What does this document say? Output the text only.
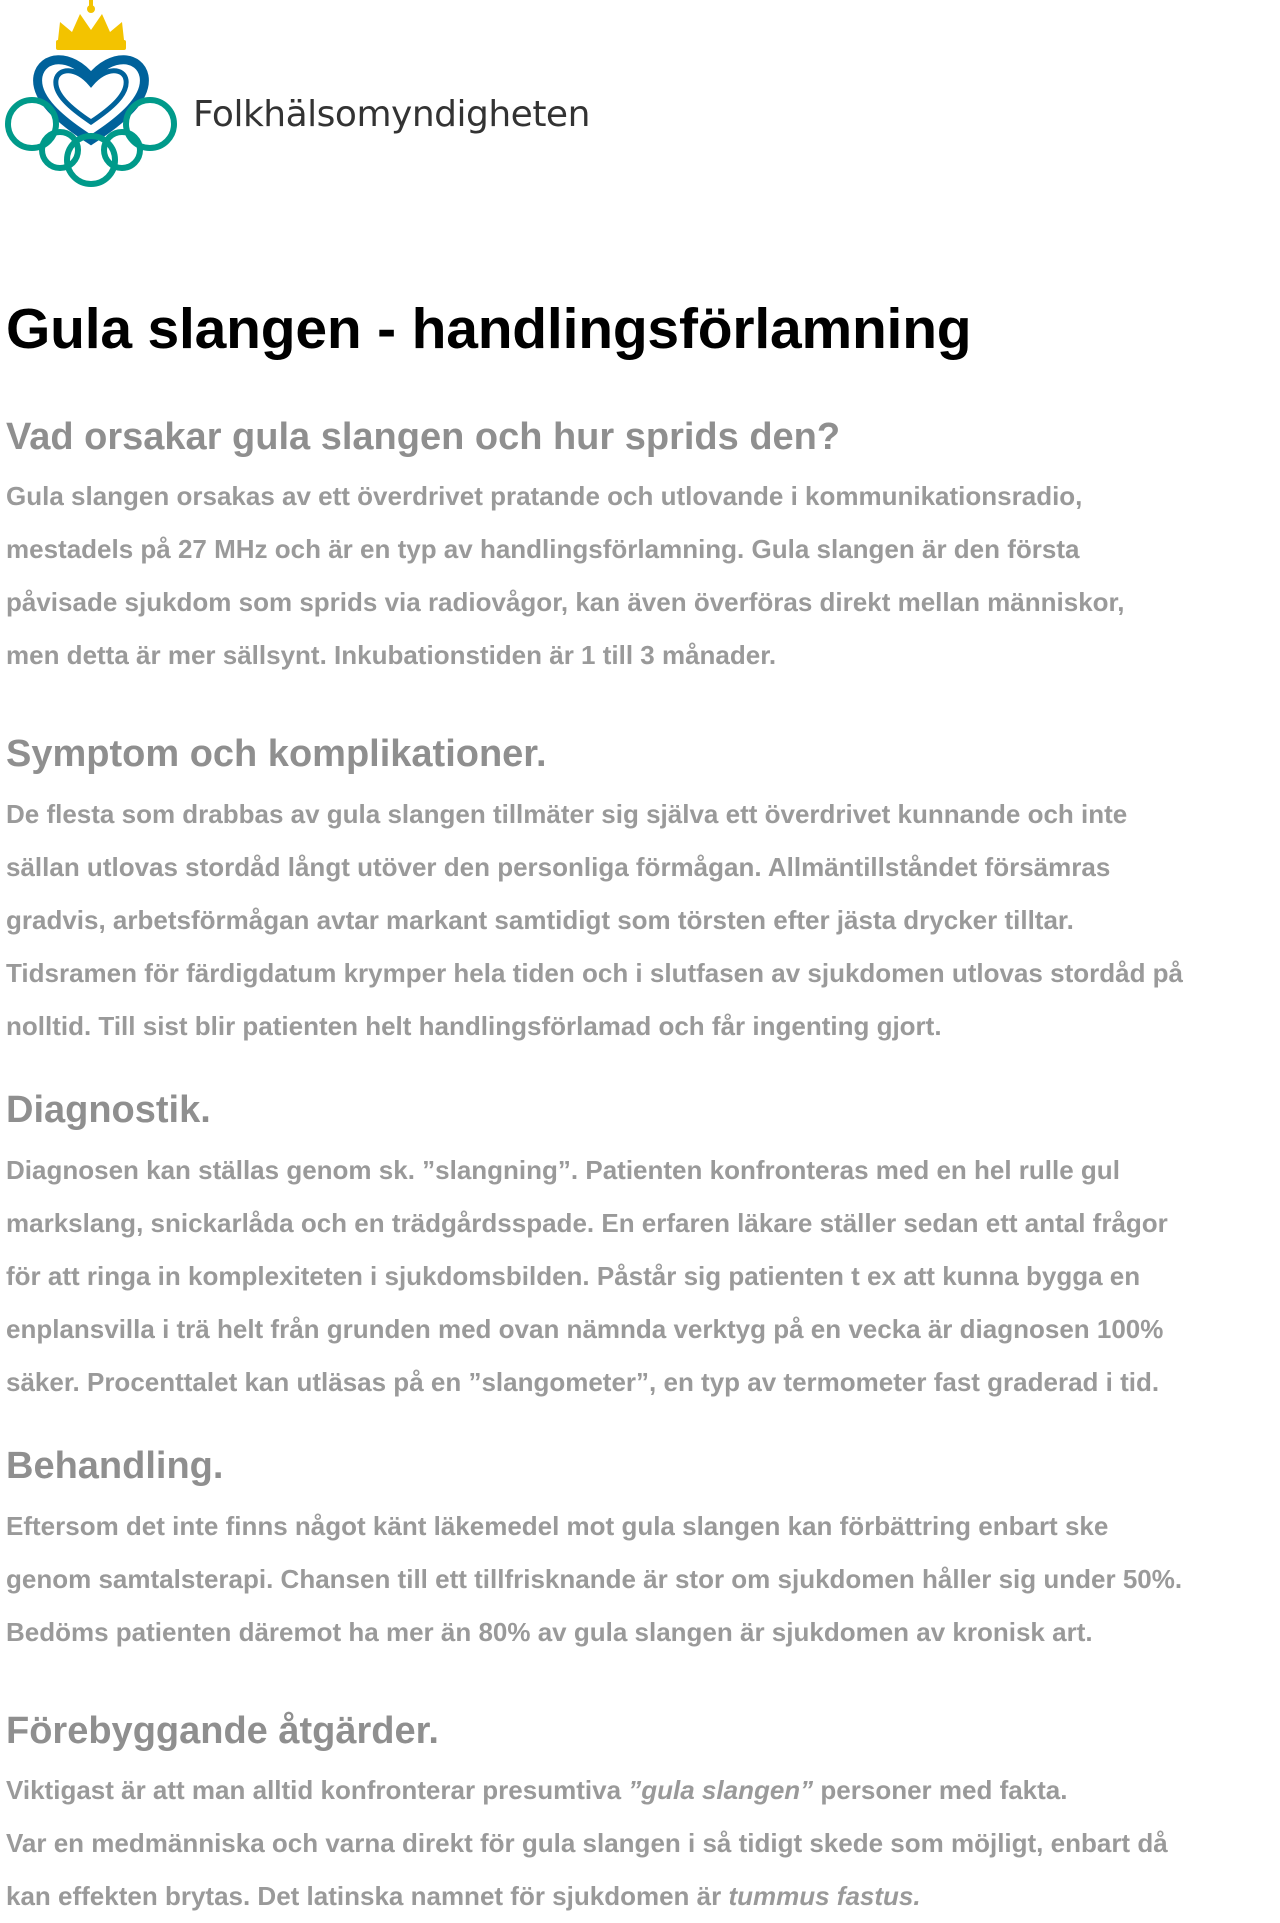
Folkhälsomyndigheten
Gula slangen - handlingsförlamning
Vad orsakar gula slangen och hur sprids den?
Gula slangen orsakas av ett överdrivet pratande och utlovande i kommunikationsradio,
mestadels på 27 MHz och är en typ av handlingsförlamning. Gula slangen är den första
påvisade sjukdom som sprids via radiovågor, kan även överföras direkt mellan människor,
men detta är mer sällsynt. Inkubationstiden är 1 till 3 månader.
Symptom och komplikationer.
De flesta som drabbas av gula slangen tillmäter sig själva ett överdrivet kunnande och inte
sällan utlovas stordåd långt utöver den personliga förmågan. Allmäntillståndet försämras
gradvis, arbetsförmågan avtar markant samtidigt som törsten efter jästa drycker tilltar.
Tidsramen för färdigdatum krymper hela tiden och i slutfasen av sjukdomen utlovas stordåd på
nolltid. Till sist blir patienten helt handlingsförlamad och får ingenting gjort.
Diagnostik.
Diagnosen kan ställas genom sk. ”slangning”. Patienten konfronteras med en hel rulle gul
markslang, snickarlåda och en trädgårdsspade. En erfaren läkare ställer sedan ett antal frågor
för att ringa in komplexiteten i sjukdomsbilden. Påstår sig patienten t ex att kunna bygga en
enplansvilla i trä helt från grunden med ovan nämnda verktyg på en vecka är diagnosen 100%
säker. Procenttalet kan utläsas på en ”slangometer”, en typ av termometer fast graderad i tid.
Behandling.
Eftersom det inte finns något känt läkemedel mot gula slangen kan förbättring enbart ske
genom samtalsterapi. Chansen till ett tillfrisknande är stor om sjukdomen håller sig under 50%.
Bedöms patienten däremot ha mer än 80% av gula slangen är sjukdomen av kronisk art.
Förebyggande åtgärder.
Viktigast är att man alltid konfronterar presumtiva ”gula slangen” personer med fakta.
Var en medmänniska och varna direkt för gula slangen i så tidigt skede som möjligt, enbart då
kan effekten brytas. Det latinska namnet för sjukdomen är tummus fastus.
